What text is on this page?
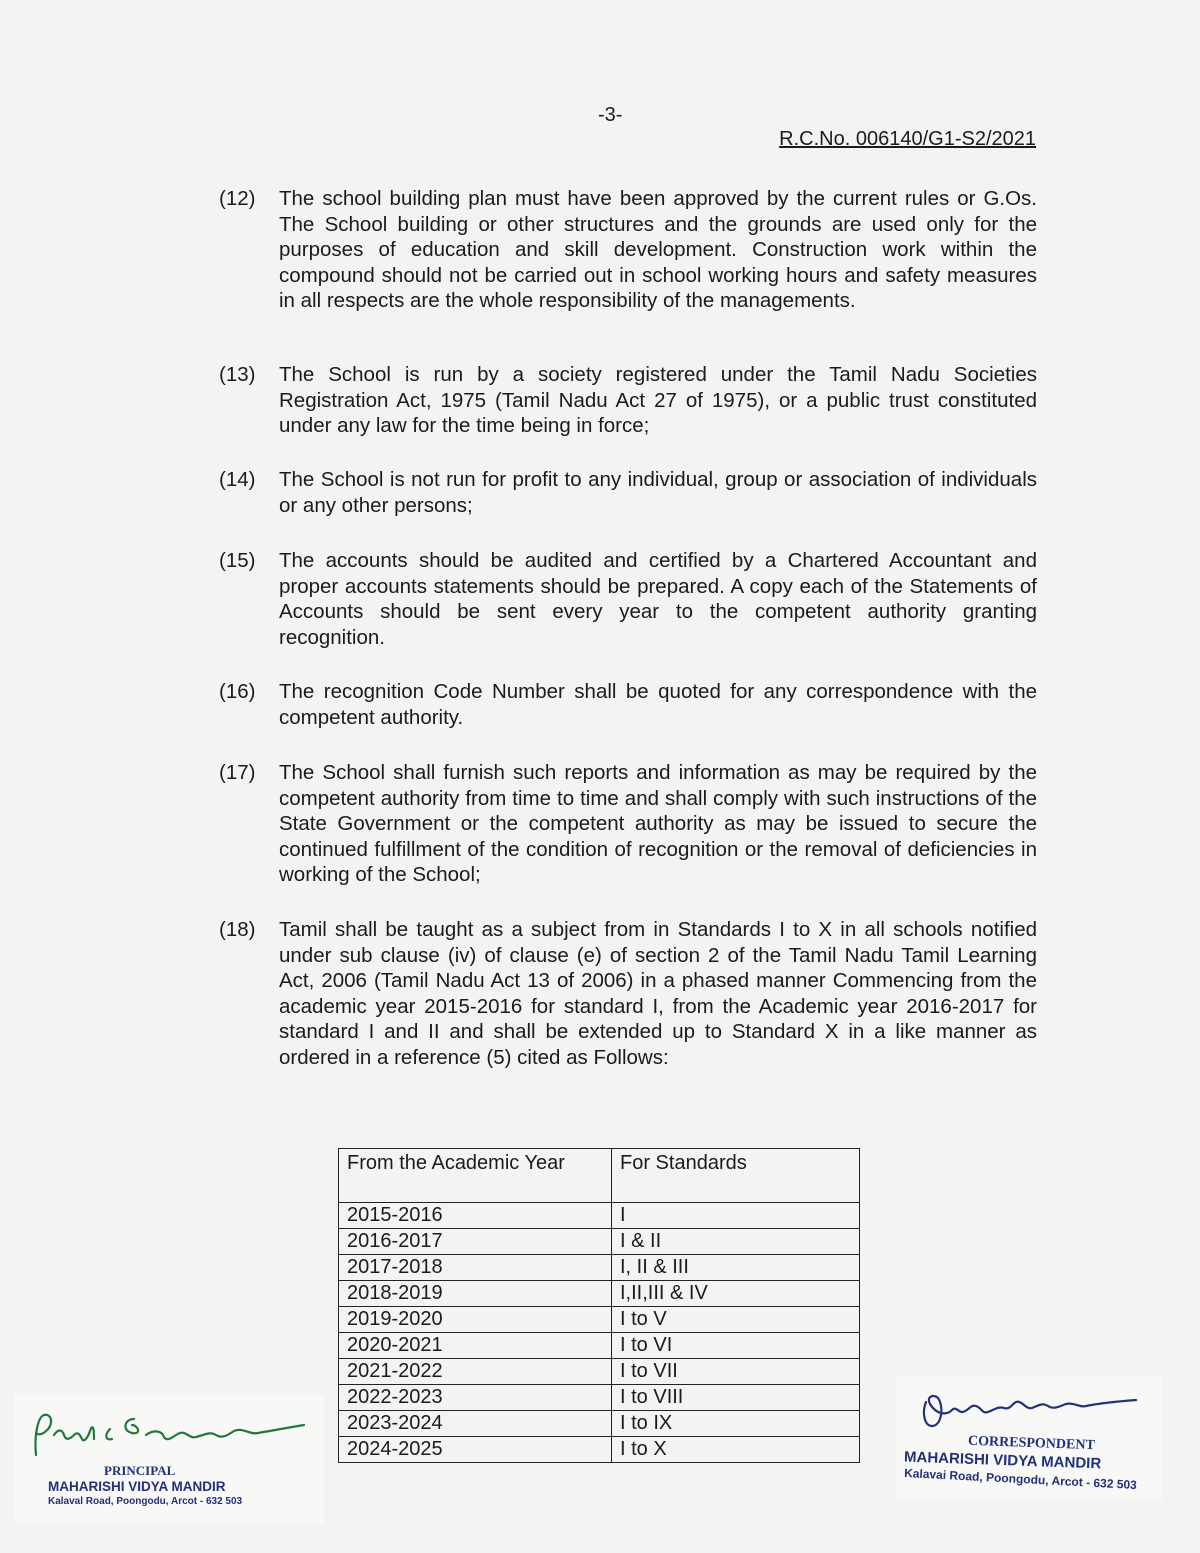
-3-
R.C.No. 006140/G1-S2/2021
(12) The school building plan must have been approved by the current rules or G.Os. The School building or other structures and the grounds are used only for the purposes of education and skill development. Construction work within the compound should not be carried out in school working hours and safety measures in all respects are the whole responsibility of the managements.
(13) The School is run by a society registered under the Tamil Nadu Societies Registration Act, 1975 (Tamil Nadu Act 27 of 1975), or a public trust constituted under any law for the time being in force;
(14) The School is not run for profit to any individual, group or association of individuals or any other persons;
(15) The accounts should be audited and certified by a Chartered Accountant and proper accounts statements should be prepared. A copy each of the Statements of Accounts should be sent every year to the competent authority granting recognition.
(16) The recognition Code Number shall be quoted for any correspondence with the competent authority.
(17) The School shall furnish such reports and information as may be required by the competent authority from time to time and shall comply with such instructions of the State Government or the competent authority as may be issued to secure the continued fulfillment of the condition of recognition or the removal of deficiencies in working of the School;
(18) Tamil shall be taught as a subject from in Standards I to X in all schools notified under sub clause (iv) of clause (e) of section 2 of the Tamil Nadu Tamil Learning Act, 2006 (Tamil Nadu Act 13 of 2006) in a phased manner Commencing from the academic year 2015-2016 for standard I, from the Academic year 2016-2017 for standard I and II and shall be extended up to Standard X in a like manner as ordered in a reference (5) cited as Follows:
From the Academic Year	For Standards
2015-2016	I
2016-2017	I & II
2017-2018	I, II & III
2018-2019	I,II,III & IV
2019-2020	I to V
2020-2021	I to VI
2021-2022	I to VII
2022-2023	I to VIII
2023-2024	I to IX
2024-2025	I to X
PRINCIPAL
MAHARISHI VIDYA MANDIR
Kalaval Road, Poongodu, Arcot - 632 503
CORRESPONDENT
MAHARISHI VIDYA MANDIR
Kalavai Road, Poongodu, Arcot - 632 503
